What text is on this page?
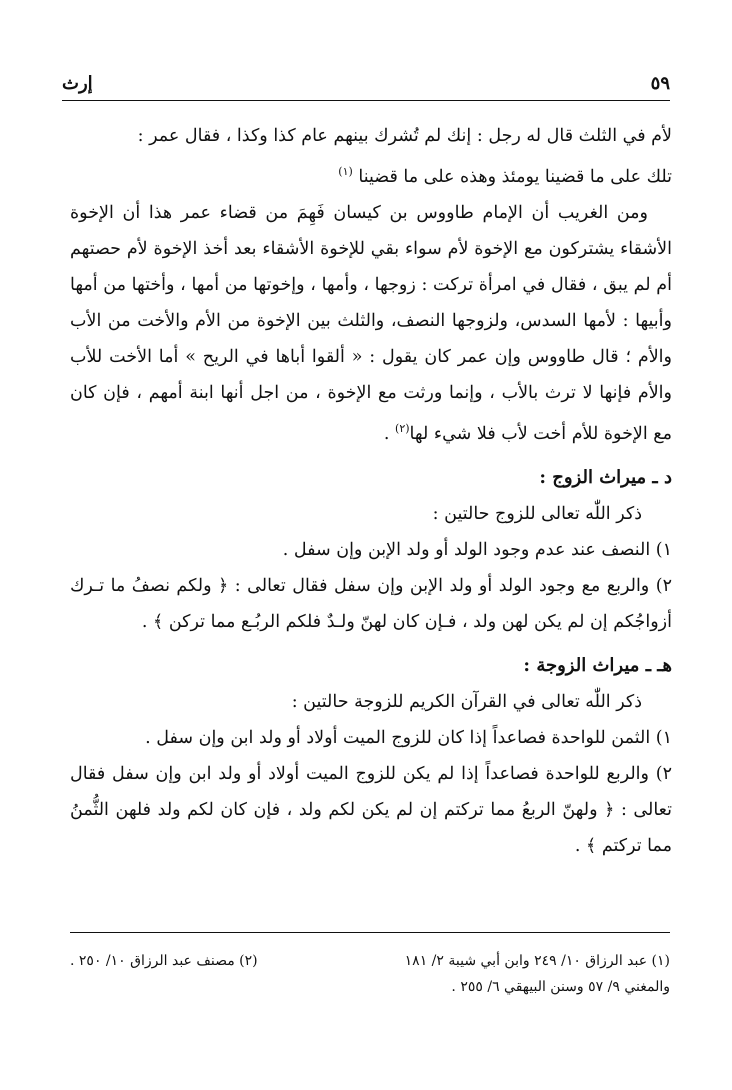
إرث	٥٩

لأم في الثلث قال له رجل : إنك لم تُشرك بينهم عام كذا وكذا ، فقال عمر :
تلك على ما قضينا يومئذ وهذه على ما قضينا $^{(١)}$

ومن الغريب أن الإمام طاووس بن كيسان فَهِمَ من قضاء عمر هذا أن الإخوة الأشقاء يشتركون مع الإخوة لأم سواء بقي للإخوة الأشقاء بعد أخذ الإخوة لأم حصتهم أم لم يبق ، فقال في امرأة تركت : زوجها ، وأمها ، وإخوتها من أمها ، وأختها من أمها وأبيها : لأمها السدس، ولزوجها النصف، والثلث بين الإخوة من الأم والأخت من الأب والأم ؛ قال طاووس وإن عمر كان يقول : « ألقوا أباها في الريح » أما الأخت للأب والأم فإنها لا ترث بالأب ، وإنما ورثت مع الإخوة ، من اجل أنها ابنة أمهم ، فإن كان مع الإخوة للأم أخت لأب فلا شيء لها$^{(٢)}$ .

د ـ ميراث الزوج :

ذكر اللّٰه تعالى للزوج حالتين :

١) النصف عند عدم وجود الولد أو ولد الإبن وإن سفل .

٢) والربع مع وجود الولد أو ولد الإبن وإن سفل فقال تعالى : ﴿ ولكم نصفُ ما تـرك أزواجُكم إن لم يكن لهن ولد ، فـإن كان لهنّ ولـدٌ فلكم الربُـع مما تركن ﴾ .

هـ ـ ميراث الزوجة :

ذكر اللّٰه تعالى في القرآن الكريم للزوجة حالتين :

١) الثمن للواحدة فصاعداً إذا كان للزوج الميت أولاد أو ولد ابن وإن سفل .

٢) والربع للواحدة فصاعداً إذا لم يكن للزوج الميت أولاد أو ولد ابن وإن سفل فقال تعالى : ﴿ ولهنّ الربعُ مما تركتم إن لم يكن لكم ولد ، فإن كان لكم ولد فلهن الثُّمنُ مما تركتم ﴾ .

(١) عبد الرزاق ١٠/ ٢٤٩ وابن أبي شيبة ٢/ ١٨١
(٢) مصنف عبد الرزاق ١٠/ ٢٥٠ .
والمغني ٩/ ٥٧ وسنن البيهقي ٦/ ٢٥٥ .
